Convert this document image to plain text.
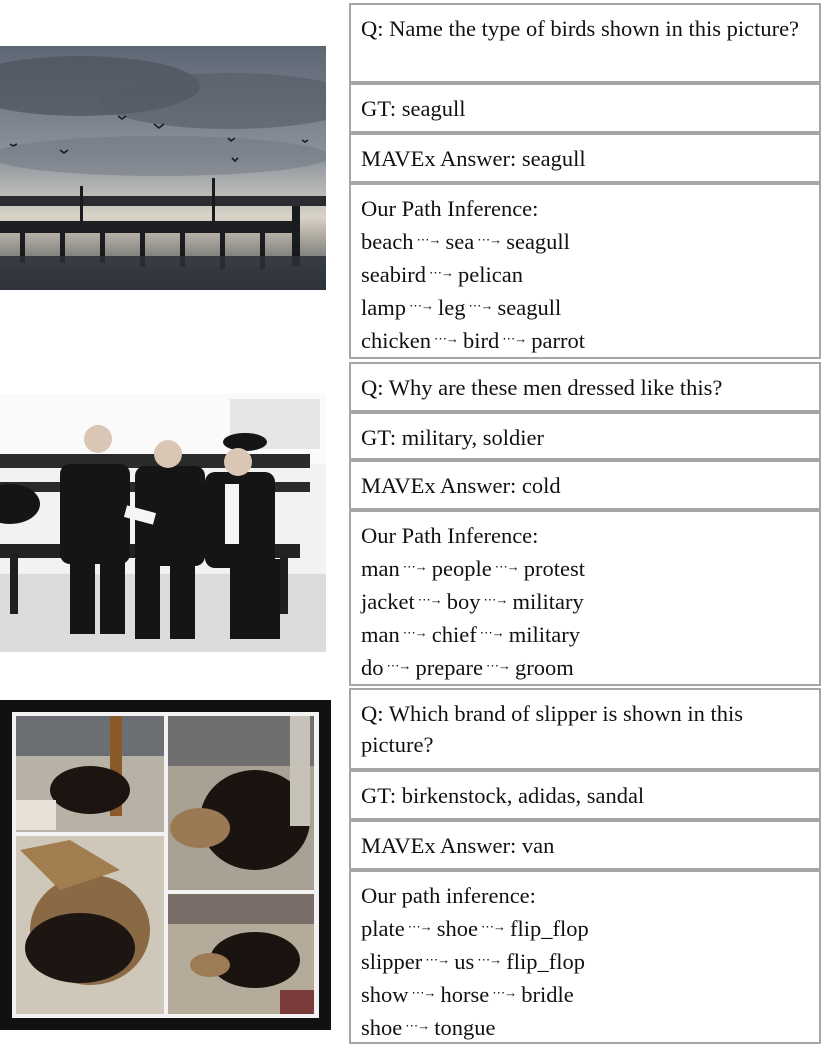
Q: Name the type of birds shown in this picture?
GT: seagull
MAVEx Answer: seagull
Our Path Inference:
beach ⋯→ sea ⋯→ seagull
seabird ⋯→ pelican
lamp ⋯→ leg ⋯→ seagull
chicken ⋯→ bird ⋯→ parrot
Q: Why are these men dressed like this?
GT: military, soldier
MAVEx Answer: cold
Our Path Inference:
man ⋯→ people ⋯→ protest
jacket ⋯→ boy ⋯→ military
man ⋯→ chief ⋯→ military
do ⋯→ prepare ⋯→ groom
Q: Which brand of slipper is shown in this picture?
GT: birkenstock, adidas, sandal
MAVEx Answer: van
Our path inference:
plate ⋯→ shoe ⋯→ flip_flop
slipper ⋯→ us ⋯→ flip_flop
show ⋯→ horse ⋯→ bridle
shoe ⋯→ tongue
